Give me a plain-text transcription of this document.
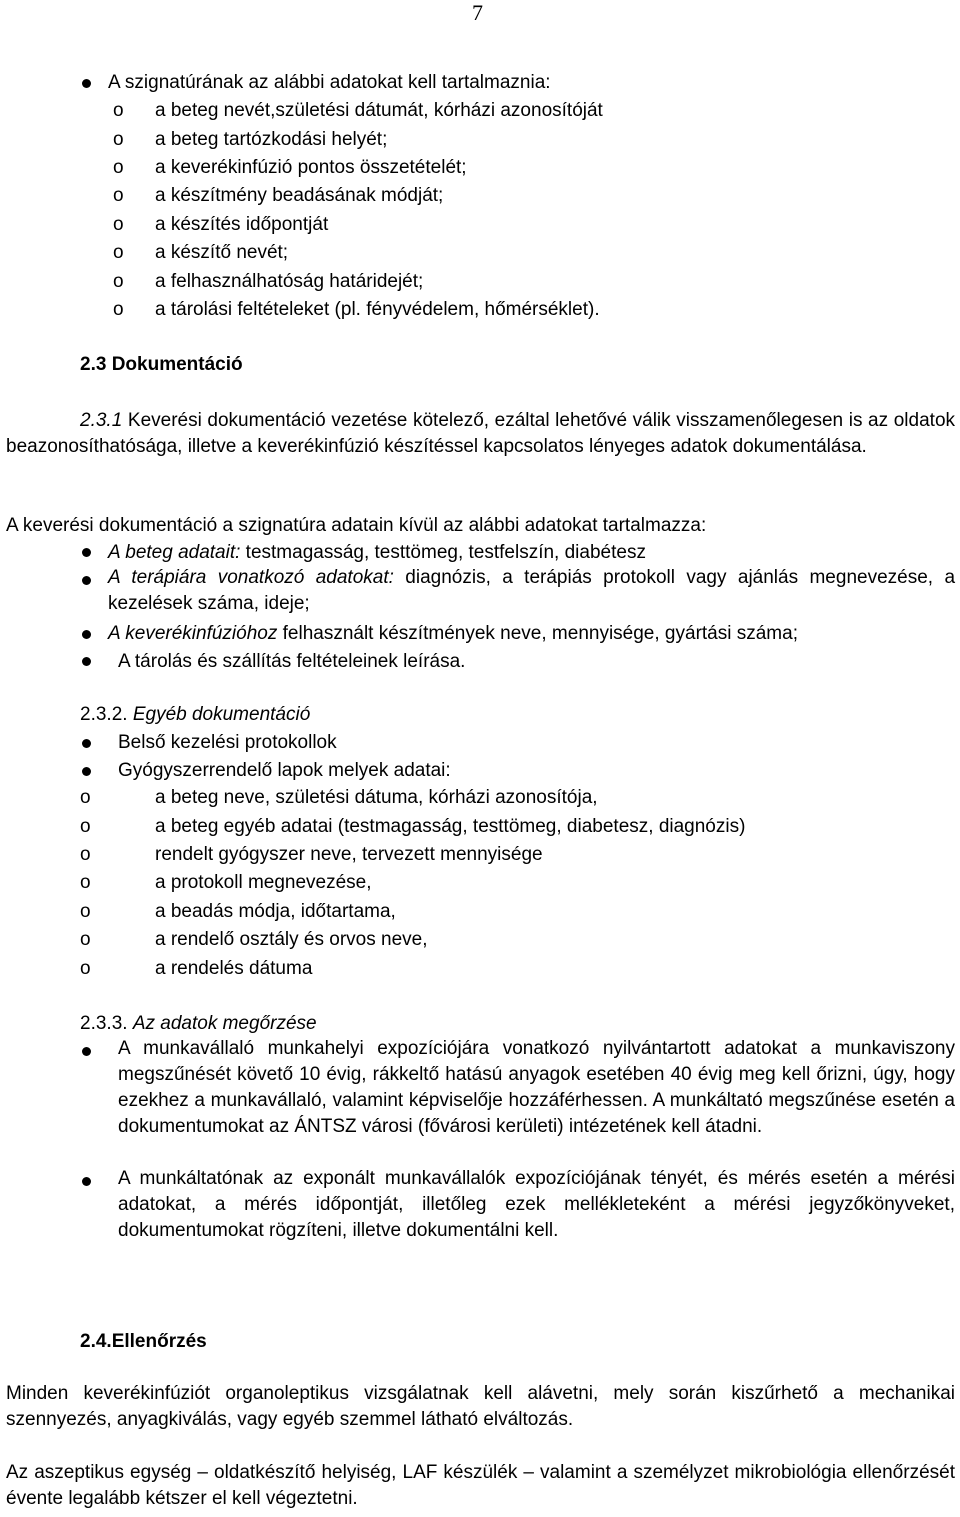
7
A szignatúrának az alábbi adatokat kell tartalmaznia:
o a beteg nevét,születési dátumát, kórházi azonosítóját
o a beteg tartózkodási helyét;
o a keverékinfúzió pontos összetételét;
o a készítmény beadásának módját;
o a készítés időpontját
o a készítő nevét;
o a felhasználhatóság határidejét;
o a tárolási feltételeket (pl. fényvédelem, hőmérséklet).
2.3 Dokumentáció
2.3.1 Keverési dokumentáció vezetése kötelező, ezáltal lehetővé válik visszamenőlegesen is az oldatok beazonosíthatósága, illetve a keverékinfúzió készítéssel kapcsolatos lényeges adatok dokumentálása.
A keverési dokumentáció a szignatúra adatain kívül az alábbi adatokat tartalmazza:
A beteg adatait: testmagasság, testtömeg, testfelszín, diabétesz
A terápiára vonatkozó adatokat: diagnózis, a terápiás protokoll vagy ajánlás megnevezése, a kezelések száma, ideje;
A keverékinfúzióhoz felhasznált készítmények neve, mennyisége, gyártási száma;
A tárolás és szállítás feltételeinek leírása.
2.3.2. Egyéb dokumentáció
Belső kezelési protokollok
Gyógyszerrendelő lapok melyek adatai:
o	a beteg neve, születési dátuma, kórházi azonosítója,
o	a beteg egyéb adatai (testmagasság, testtömeg, diabetesz, diagnózis)
o	rendelt gyógyszer neve, tervezett mennyisége
o	a protokoll megnevezése,
o	a beadás módja, időtartama,
o	a rendelő osztály és orvos neve,
o	a rendelés dátuma
2.3.3. Az adatok megőrzése
A munkavállaló munkahelyi expozíciójára vonatkozó nyilvántartott adatokat a munkaviszony megszűnését követő 10 évig, rákkeltő hatású anyagok esetében 40 évig meg kell őrizni, úgy, hogy ezekhez a munkavállaló, valamint képviselője hozzáférhessen. A munkáltató megszűnése esetén a dokumentumokat az ÁNTSZ városi (fővárosi kerületi) intézetének kell átadni.
A munkáltatónak az exponált munkavállalók expozíciójának tényét, és mérés esetén a mérési adatokat, a mérés időpontját, illetőleg ezek mellékleteként a mérési jegyzőkönyveket, dokumentumokat rögzíteni, illetve dokumentálni kell.
2.4.Ellenőrzés
Minden keverékinfúziót organoleptikus vizsgálatnak kell alávetni, mely során kiszűrhető a mechanikai szennyezés, anyagkiválás, vagy egyéb szemmel látható elváltozás.
Az aszeptikus egység – oldatkészítő helyiség, LAF készülék – valamint a személyzet mikrobiológia ellenőrzését évente legalább kétszer el kell végeztetni.
